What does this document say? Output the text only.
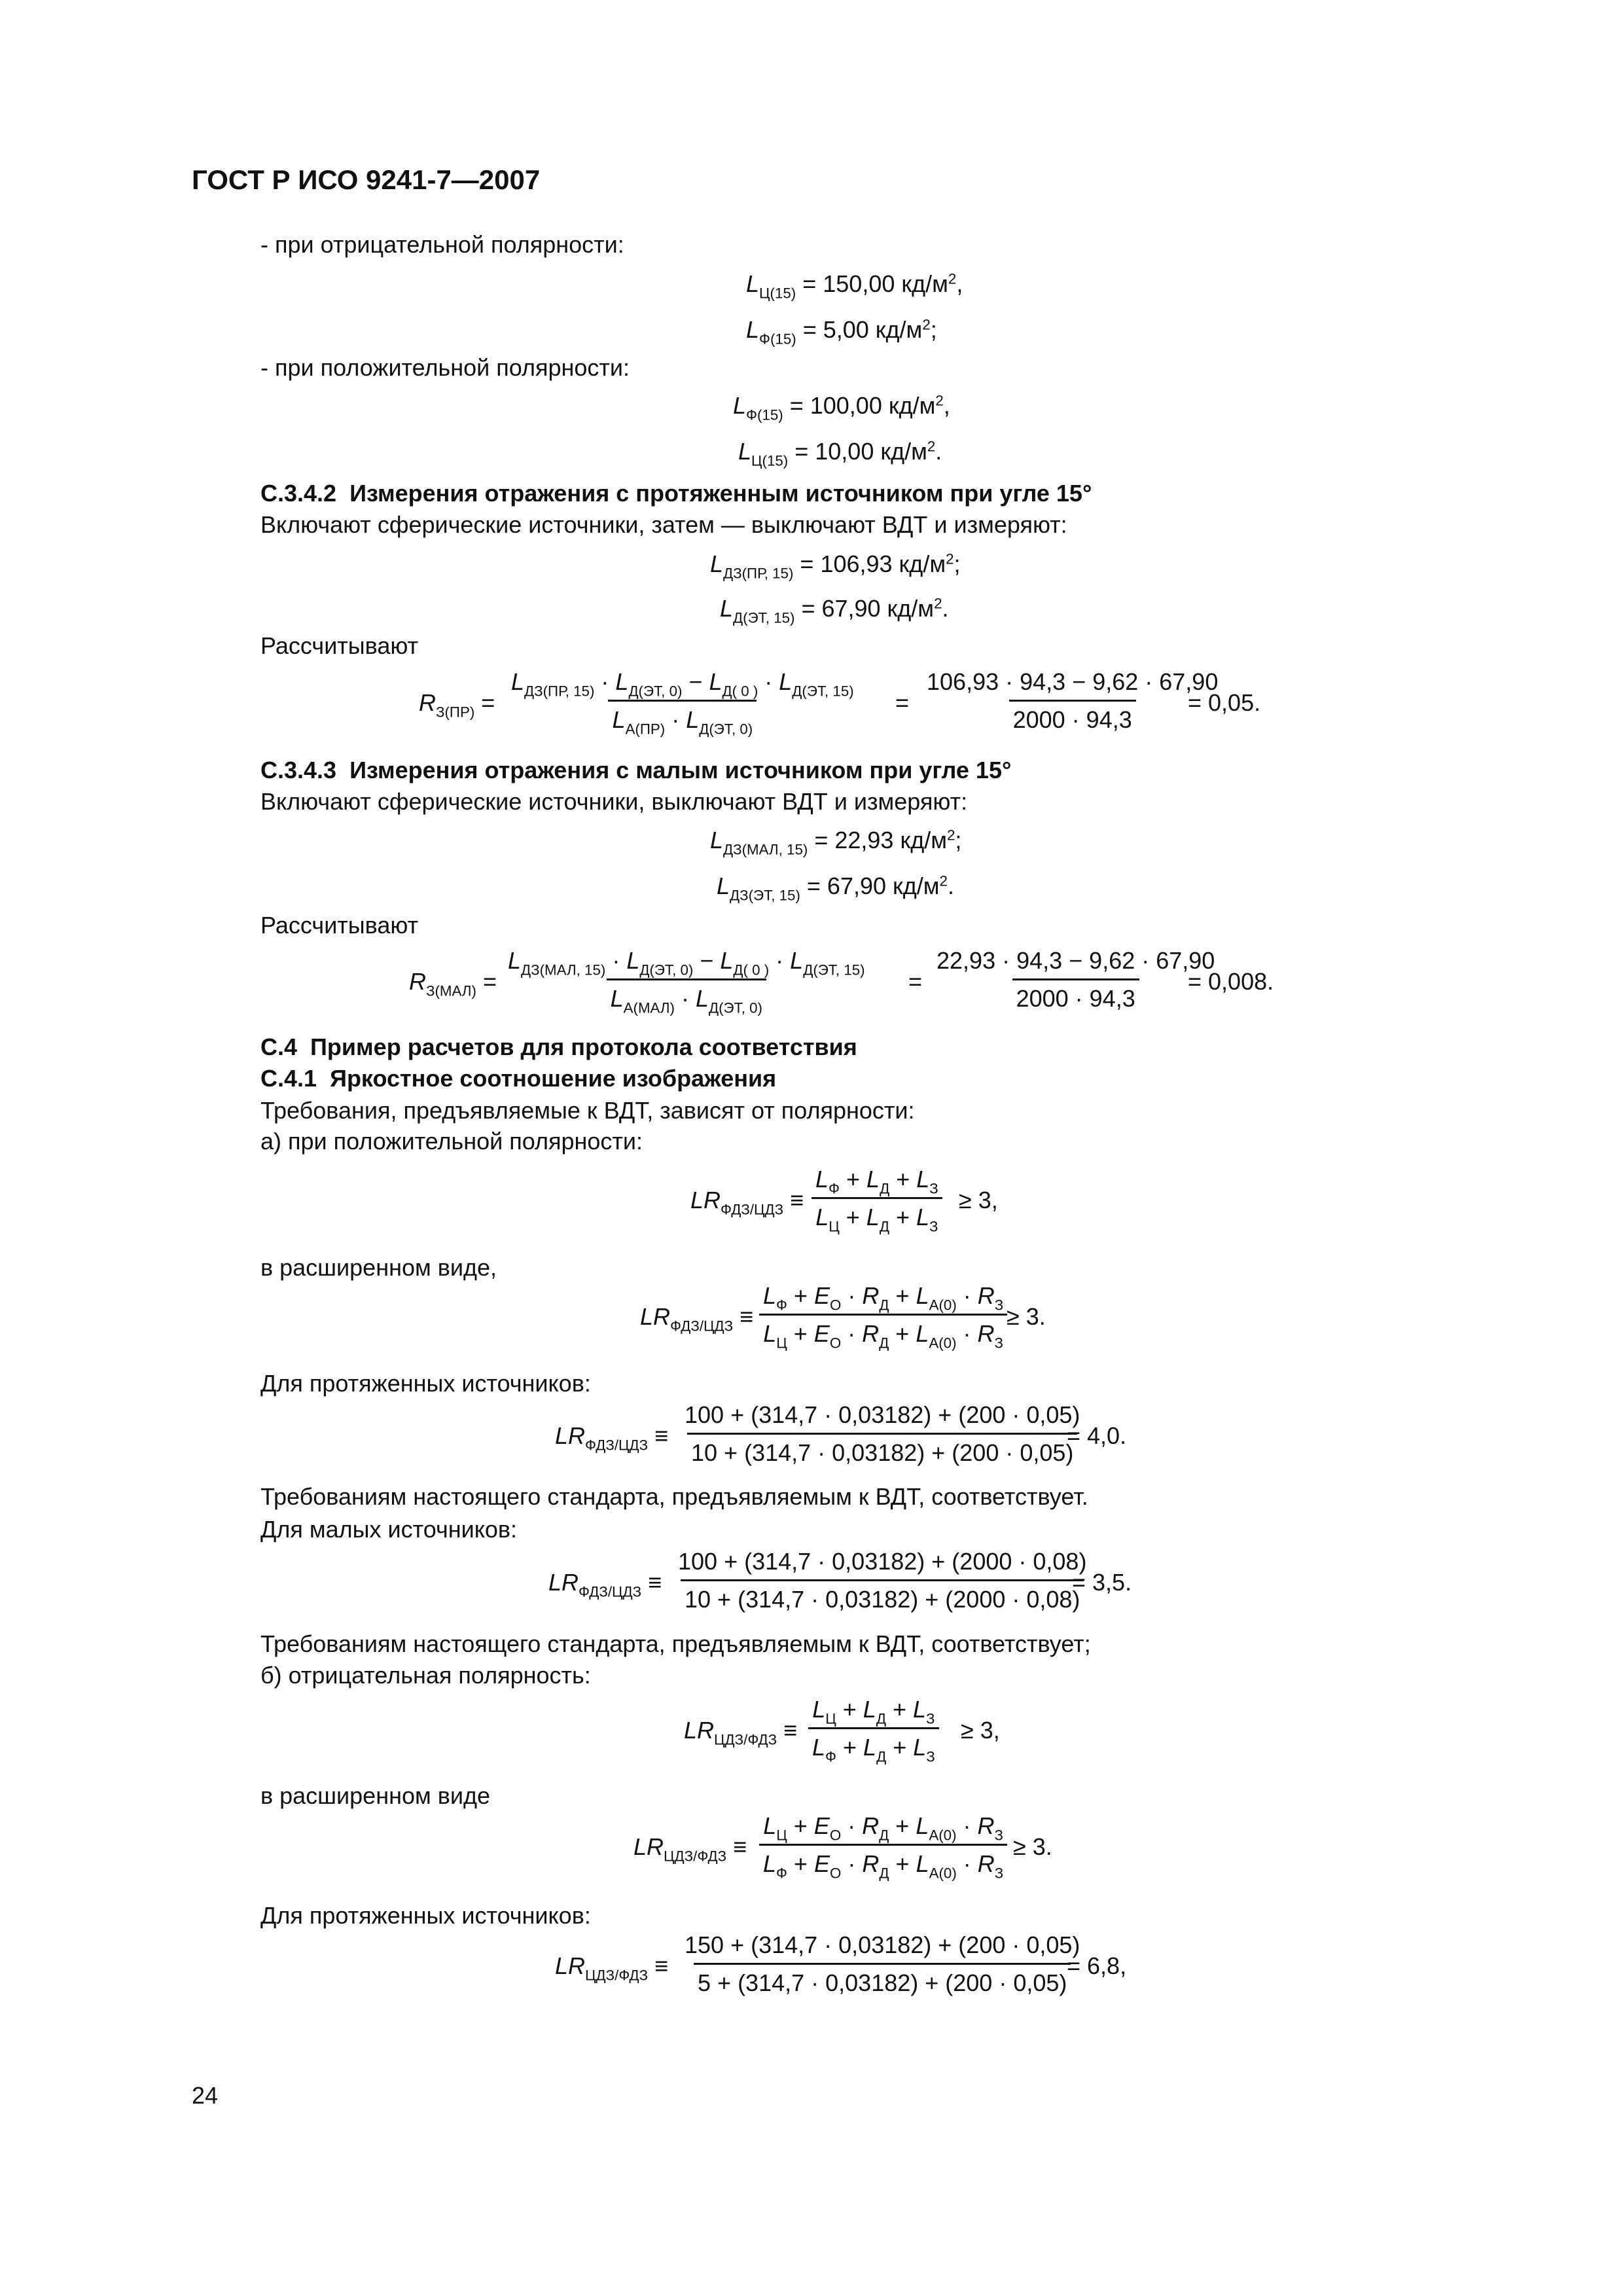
ГОСТ Р ИСО 9241-7—2007
- при отрицательной полярности:
$L_{Ц(15)} = 150,00$ $кд/м^2$,
$L_{Ф(15)} = 5,00$ $кд/м^2$;
- при положительной полярности:
$L_{Ф(15)} = 100,00$ $кд/м^2$,
$L_{Ц(15)} = 10,00$ $кд/м^2$.
С.3.4.2 Измерения отражения с протяженным источником при угле 15°
Включают сферические источники, затем — выключают ВДТ и измеряют:
$L_{ДЗ(ПР, 15)} = 106,93$ $кд/м^2$;
$L_{Д(ЭТ, 15)} = 67,90$ $кд/м^2$.
Рассчитывают
$R_{З(ПР)}$ =
$L_{ДЗ(ПР, 15)} \cdot L_{Д(ЭТ, 0)} - L_{Д( 0 )} \cdot L_{Д(ЭТ, 15)}$
$L_{А(ПР)} \cdot L_{Д(ЭТ, 0)}$
= $\frac{106,93 \cdot 94,3 - 9,62 \cdot 67,90}{2000 \cdot 94,3}$
= 0,05.
С.3.4.3 Измерения отражения с малым источником при угле 15°
Включают сферические источники, выключают ВДТ и измеряют:
$L_{ДЗ(МАЛ, 15)} = 22,93$ $кд/м^2$;
$L_{ДЗ(ЭТ, 15)} = 67,90$ $кд/м^2$.
Рассчитывают
$R_{З(МАЛ)}$ =
$L_{ДЗ(МАЛ, 15)} \cdot L_{Д(ЭТ, 0)} - L_{Д( 0 )} \cdot L_{Д(ЭТ, 15)}$
$L_{А(МАЛ)} \cdot L_{Д(ЭТ, 0)}$
= $\frac{22,93 \cdot 94,3 - 9,62 \cdot 67,90}{2000 \cdot 94,3}$
= 0,008.
С.4 Пример расчетов для протокола соответствия
С.4.1 Яркостное соотношение изображения
Требования, предъявляемые к ВДТ, зависят от полярности:
а) при положительной полярности:
$LR_{ФДЗ/ЦДЗ}$ ≡
$L_Ф + L_Д + L_З$
$L_Ц + L_Д + L_З$
≥ 3,
в расширенном виде,
$LR_{ФДЗ/ЦДЗ}$ ≡
$L_Ф + E_О \cdot R_Д + L_{А(0)} \cdot R_З$
$L_Ц + E_О \cdot R_Д + L_{А(0)} \cdot R_З$
≥ 3.
Для протяженных источников:
$LR_{ФДЗ/ЦДЗ} \equiv \frac{100 + (314,7 \cdot 0,03182) + (200 \cdot 0,05)}{10 + (314,7 \cdot 0,03182) + (200 \cdot 0,05)}$
= 4,0.
Требованиям настоящего стандарта, предъявляемым к ВДТ, соответствует.
Для малых источников:
$LR_{ФДЗ/ЦДЗ} \equiv \frac{100 + (314,7 \cdot 0,03182) + (2000 \cdot 0,08)}{10 + (314,7 \cdot 0,03182) + (2000 \cdot 0,08)}$
= 3,5.
Требованиям настоящего стандарта, предъявляемым к ВДТ, соответствует;
б) отрицательная полярность:
$LR_{ЦДЗ/ФДЗ}$ ≡
$L_Ц + L_Д + L_З$
$L_Ф + L_Д + L_З$
≥ 3,
в расширенном виде
$LR_{ЦДЗ/ФДЗ}$ ≡
$L_Ц + E_О \cdot R_Д + L_{А(0)} \cdot R_З$
$L_Ф + E_О \cdot R_Д + L_{А(0)} \cdot R_З$
≥ 3.
Для протяженных источников:
$LR_{ЦДЗ/ФДЗ} \equiv \frac{150 + (314,7 \cdot 0,03182) + (200 \cdot 0,05)}{5 + (314,7 \cdot 0,03182) + (200 \cdot 0,05)}$
= 6,8,
24
